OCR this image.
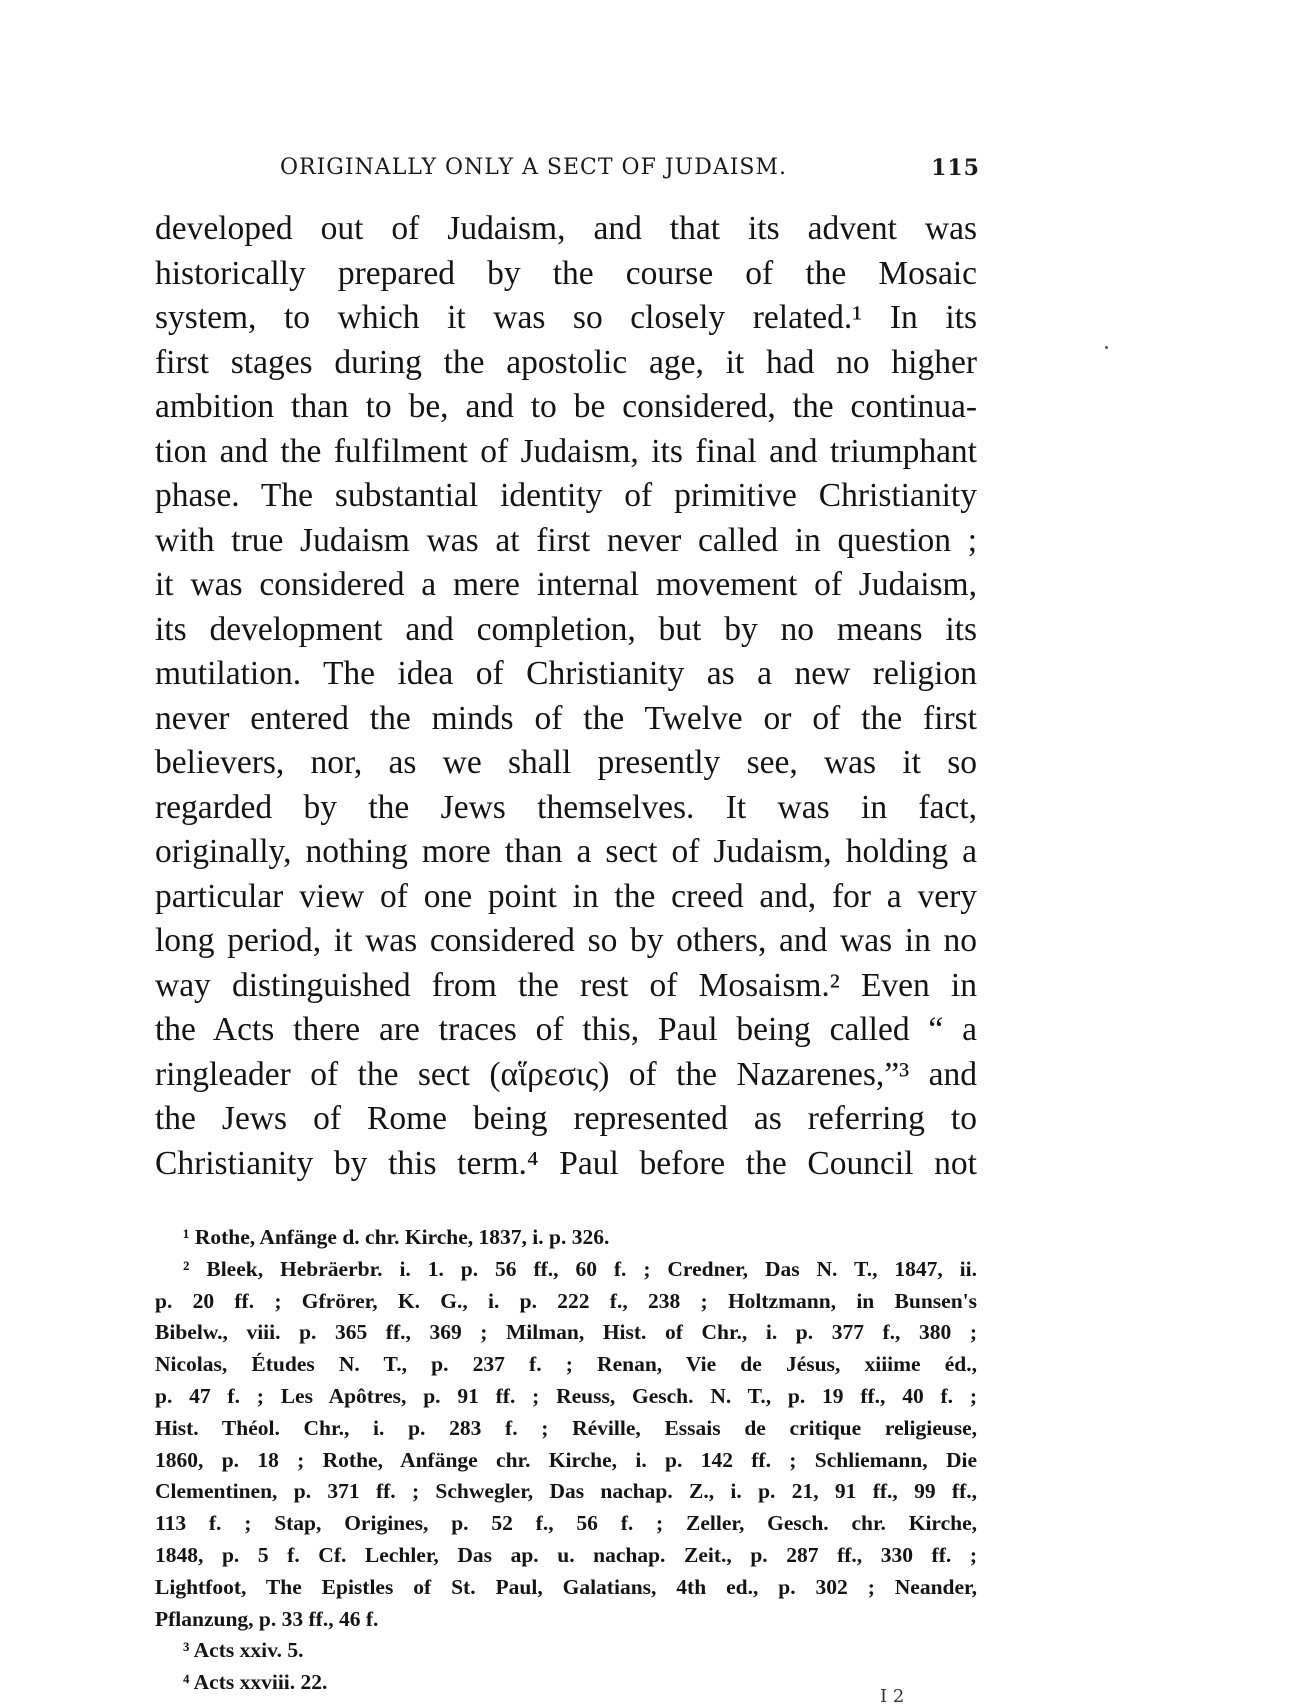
ORIGINALLY ONLY A SECT OF JUDAISM.	115
developed out of Judaism, and that its advent was
historically prepared by the course of the Mosaic
system, to which it was so closely related.¹ In its
first stages during the apostolic age, it had no higher
ambition than to be, and to be considered, the continua-
tion and the fulfilment of Judaism, its final and triumphant
phase. The substantial identity of primitive Christianity
with true Judaism was at first never called in question ;
it was considered a mere internal movement of Judaism,
its development and completion, but by no means its
mutilation. The idea of Christianity as a new religion
never entered the minds of the Twelve or of the first
believers, nor, as we shall presently see, was it so
regarded by the Jews themselves. It was in fact,
originally, nothing more than a sect of Judaism, holding a
particular view of one point in the creed and, for a very
long period, it was considered so by others, and was in no
way distinguished from the rest of Mosaism.² Even in
the Acts there are traces of this, Paul being called “ a
ringleader of the sect (αἵρεσις) of the Nazarenes,”³ and
the Jews of Rome being represented as referring to
Christianity by this term.⁴ Paul before the Council not
¹ Rothe, Anfänge d. chr. Kirche, 1837, i. p. 326.
² Bleek, Hebräerbr. i. 1. p. 56 ff., 60 f. ; Credner, Das N. T., 1847, ii.
p. 20 ff. ; Gfrörer, K. G., i. p. 222 f., 238 ; Holtzmann, in Bunsen's
Bibelw., viii. p. 365 ff., 369 ; Milman, Hist. of Chr., i. p. 377 f., 380 ;
Nicolas, Études N. T., p. 237 f. ; Renan, Vie de Jésus, xiiime éd.,
p. 47 f. ; Les Apôtres, p. 91 ff. ; Reuss, Gesch. N. T., p. 19 ff., 40 f. ;
Hist. Théol. Chr., i. p. 283 f. ; Réville, Essais de critique religieuse,
1860, p. 18 ; Rothe, Anfänge chr. Kirche, i. p. 142 ff. ; Schliemann, Die
Clementinen, p. 371 ff. ; Schwegler, Das nachap. Z., i. p. 21, 91 ff., 99 ff.,
113 f. ; Stap, Origines, p. 52 f., 56 f. ; Zeller, Gesch. chr. Kirche,
1848, p. 5 f. Cf. Lechler, Das ap. u. nachap. Zeit., p. 287 ff., 330 ff. ;
Lightfoot, The Epistles of St. Paul, Galatians, 4th ed., p. 302 ; Neander,
Pflanzung, p. 33 ff., 46 f.
³ Acts xxiv. 5.
⁴ Acts xxviii. 22.
I 2
